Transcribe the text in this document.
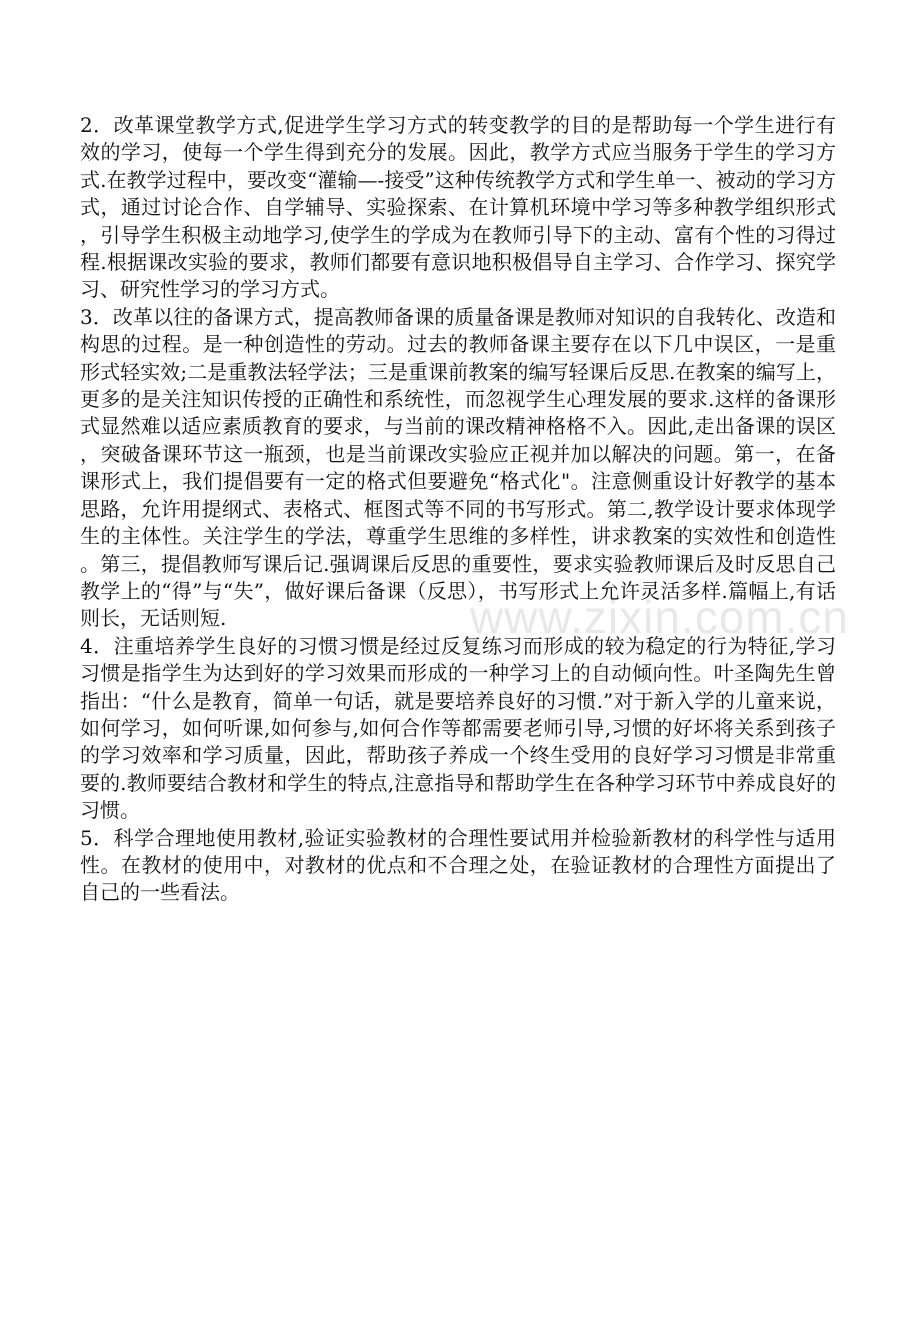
2．改革课堂教学方式,促进学生学习方式的转变教学的目的是帮助每一个学生进行有效的学习，使每一个学生得到充分的发展。因此，教学方式应当服务于学生的学习方式.在教学过程中，要改变“灌输—-接受”这种传统教学方式和学生单一、被动的学习方式，通过讨论合作、自学辅导、实验探索、在计算机环境中学习等多种教学组织形式，引导学生积极主动地学习,使学生的学成为在教师引导下的主动、富有个性的习得过程.根据课改实验的要求，教师们都要有意识地积极倡导自主学习、合作学习、探究学习、研究性学习的学习方式。

3．改革以往的备课方式，提高教师备课的质量备课是教师对知识的自我转化、改造和构思的过程。是一种创造性的劳动。过去的教师备课主要存在以下几中误区，一是重形式轻实效;二是重教法轻学法；三是重课前教案的编写轻课后反思.在教案的编写上，更多的是关注知识传授的正确性和系统性，而忽视学生心理发展的要求.这样的备课形式显然难以适应素质教育的要求，与当前的课改精神格格不入。因此,走出备课的误区，突破备课环节这一瓶颈，也是当前课改实验应正视并加以解决的问题。第一，在备课形式上，我们提倡要有一定的格式但要避免“格式化"。注意侧重设计好教学的基本思路，允许用提纲式、表格式、框图式等不同的书写形式。第二,教学设计要求体现学生的主体性。关注学生的学法，尊重学生思维的多样性，讲求教案的实效性和创造性。第三，提倡教师写课后记.强调课后反思的重要性，要求实验教师课后及时反思自己教学上的“得”与“失”，做好课后备课（反思），书写形式上允许灵活多样.篇幅上,有话则长，无话则短.

4．注重培养学生良好的习惯习惯是经过反复练习而形成的较为稳定的行为特征,学习习惯是指学生为达到好的学习效果而形成的一种学习上的自动倾向性。叶圣陶先生曾指出：“什么是教育，简单一句话，就是要培养良好的习惯.”对于新入学的儿童来说，如何学习，如何听课,如何参与,如何合作等都需要老师引导,习惯的好坏将关系到孩子的学习效率和学习质量，因此，帮助孩子养成一个终生受用的良好学习习惯是非常重要的.教师要结合教材和学生的特点,注意指导和帮助学生在各种学习环节中养成良好的习惯。

5．科学合理地使用教材,验证实验教材的合理性要试用并检验新教材的科学性与适用性。在教材的使用中，对教材的优点和不合理之处，在验证教材的合理性方面提出了自己的一些看法。

www.zixin.com.cn
